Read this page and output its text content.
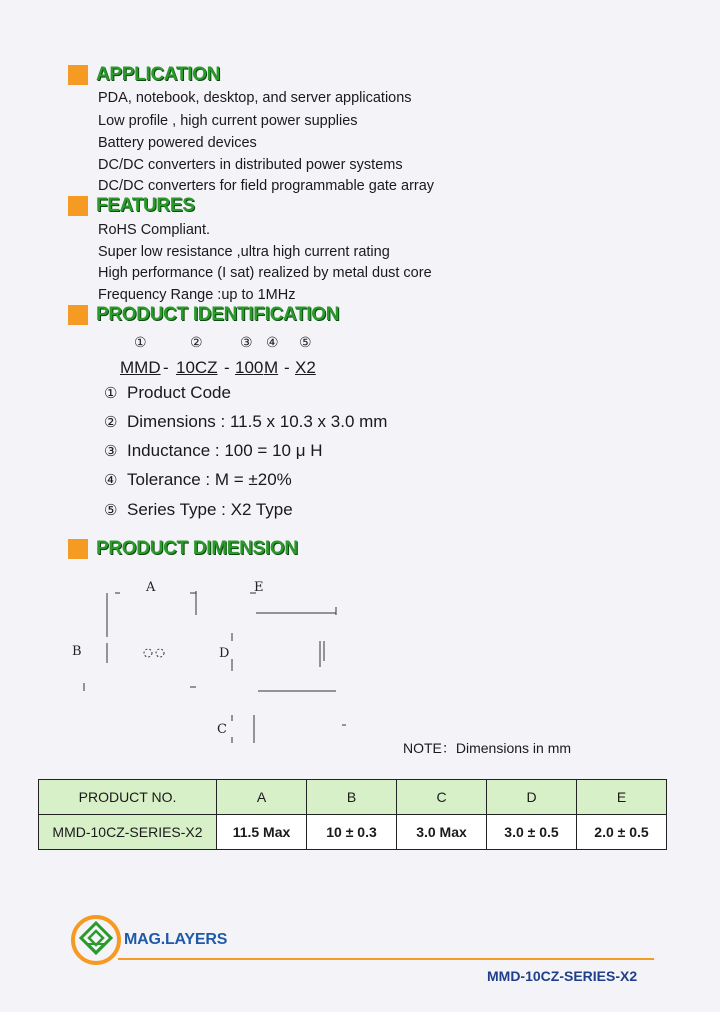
APPLICATION
PDA, notebook, desktop, and server applications
Low profile , high current power supplies
Battery powered devices
DC/DC converters in distributed power systems
DC/DC converters for field programmable gate array
FEATURES
RoHS Compliant.
Super low resistance ,ultra high current rating
High performance (I sat) realized by metal dust core
Frequency Range :up to 1MHz
PRODUCT IDENTIFICATION
①	②	③ ④ ⑤
MMD - 10CZ - 100 M - X2
① Product Code
② Dimensions : 11.5 x 10.3 x 3.0 mm
③ Inductance : 100 = 10 μ H
④ Tolerance : M = ±20%
⑤ Series Type : X2 Type
PRODUCT DIMENSION
A
B
E
D
C
NOTE：Dimensions in mm
PRODUCT NO.	A	B	C	D	E
MMD-10CZ-SERIES-X2	11.5 Max	10 ± 0.3	3.0 Max	3.0 ± 0.5	2.0 ± 0.5
MAG.LAYERS
MMD-10CZ-SERIES-X2
